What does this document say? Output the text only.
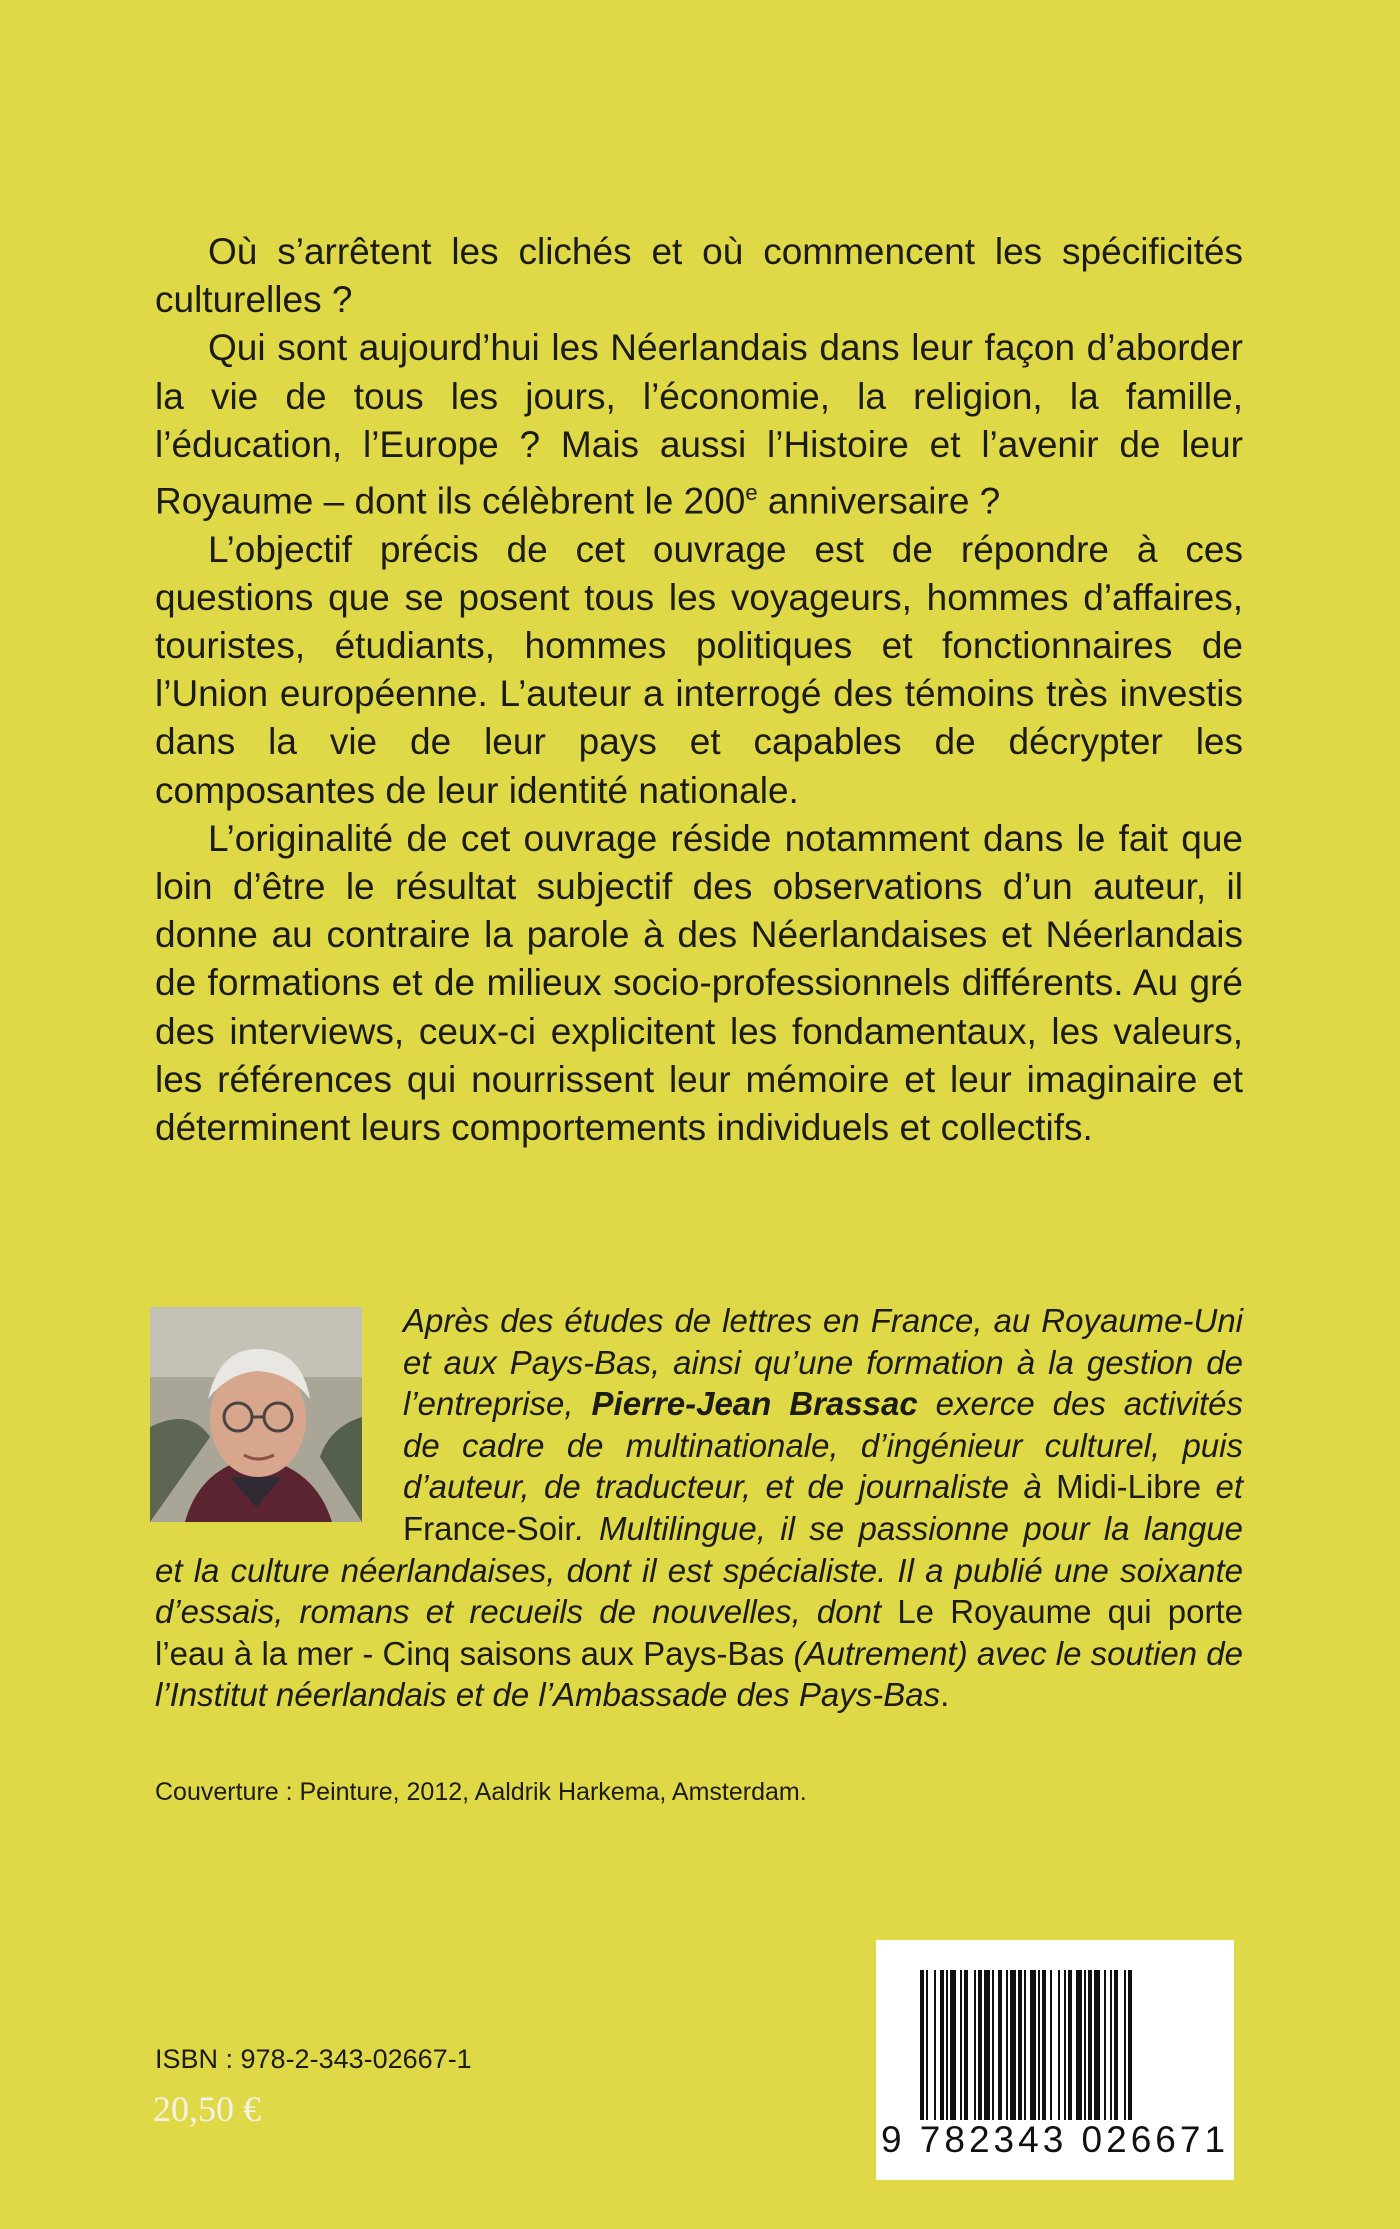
Où s’arrêtent les clichés et où commencent les spécificités culturelles ?

Qui sont aujourd’hui les Néerlandais dans leur façon d’aborder la vie de tous les jours, l’économie, la religion, la famille, l’éducation, l’Europe ? Mais aussi l’Histoire et l’avenir de leur Royaume – dont ils célèbrent le 200e anniversaire ?

L’objectif précis de cet ouvrage est de répondre à ces questions que se posent tous les voyageurs, hommes d’affaires, touristes, étudiants, hommes politiques et fonctionnaires de l’Union européenne. L’auteur a interrogé des témoins très investis dans la vie de leur pays et capables de décrypter les composantes de leur identité nationale.

L’originalité de cet ouvrage réside notamment dans le fait que loin d’être le résultat subjectif des observations d’un auteur, il donne au contraire la parole à des Néerlandaises et Néerlandais de formations et de milieux socio-professionnels différents. Au gré des interviews, ceux-ci explicitent les fondamentaux, les valeurs, les références qui nourrissent leur mémoire et leur imaginaire et déterminent leurs comportements individuels et collectifs.

Après des études de lettres en France, au Royaume-Uni et aux Pays-Bas, ainsi qu’une formation à la gestion de l’entreprise, Pierre-Jean Brassac exerce des activités de cadre de multinationale, d’ingénieur culturel, puis d’auteur, de traducteur, et de journaliste à Midi-Libre et France-Soir. Multilingue, il se passionne pour la langue et la culture néerlandaises, dont il est spécialiste. Il a publié une soixante d’essais, romans et recueils de nouvelles, dont Le Royaume qui porte l’eau à la mer - Cinq saisons aux Pays-Bas (Autrement) avec le soutien de l’Institut néerlandais et de l’Ambassade des Pays-Bas.
Couverture : Peinture, 2012, Aaldrik Harkema, Amsterdam.
ISBN : 978-2-343-02667-1
20,50 €
9 782343 026671
